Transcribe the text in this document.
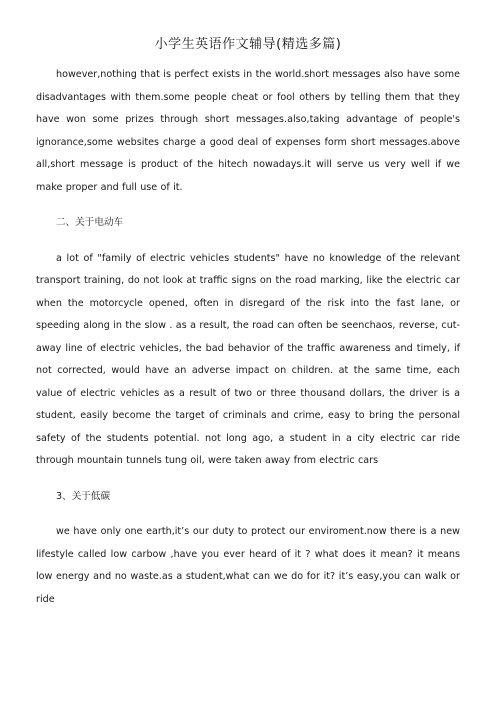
小学生英语作文辅导(精选多篇)

however,nothing that is perfect exists in the world.short messages also have some disadvantages with them.some people cheat or fool others by telling them that they have won some prizes through short messages.also,taking advantage of people's ignorance,some websites charge a good deal of expenses form short messages.above all,short message is product of the hitech nowadays.it will serve us very well if we make proper and full use of it.

二、关于电动车

a lot of "family of electric vehicles students" have no knowledge of the relevant transport training, do not look at traffic signs on the road marking, like the electric car when the motorcycle opened, often in disregard of the risk into the fast lane, or speeding along in the slow . as a result, the road can often be seenchaos, reverse, cut-away line of electric vehicles, the bad behavior of the traffic awareness and timely, if not corrected, would have an adverse impact on children. at the same time, each value of electric vehicles as a result of two or three thousand dollars, the driver is a student, easily become the target of criminals and crime, easy to bring the personal safety of the students potential. not long ago, a student in a city electric car ride through mountain tunnels tung oil, were taken away from electric cars

3、关于低碳

we have only one earth,it’s our duty to protect our enviroment.now there is a new lifestyle called low carbow ,have you ever heard of it ? what does it mean? it means low energy and no waste.as a student,what can we do for it? it’s easy,you can walk or ride
